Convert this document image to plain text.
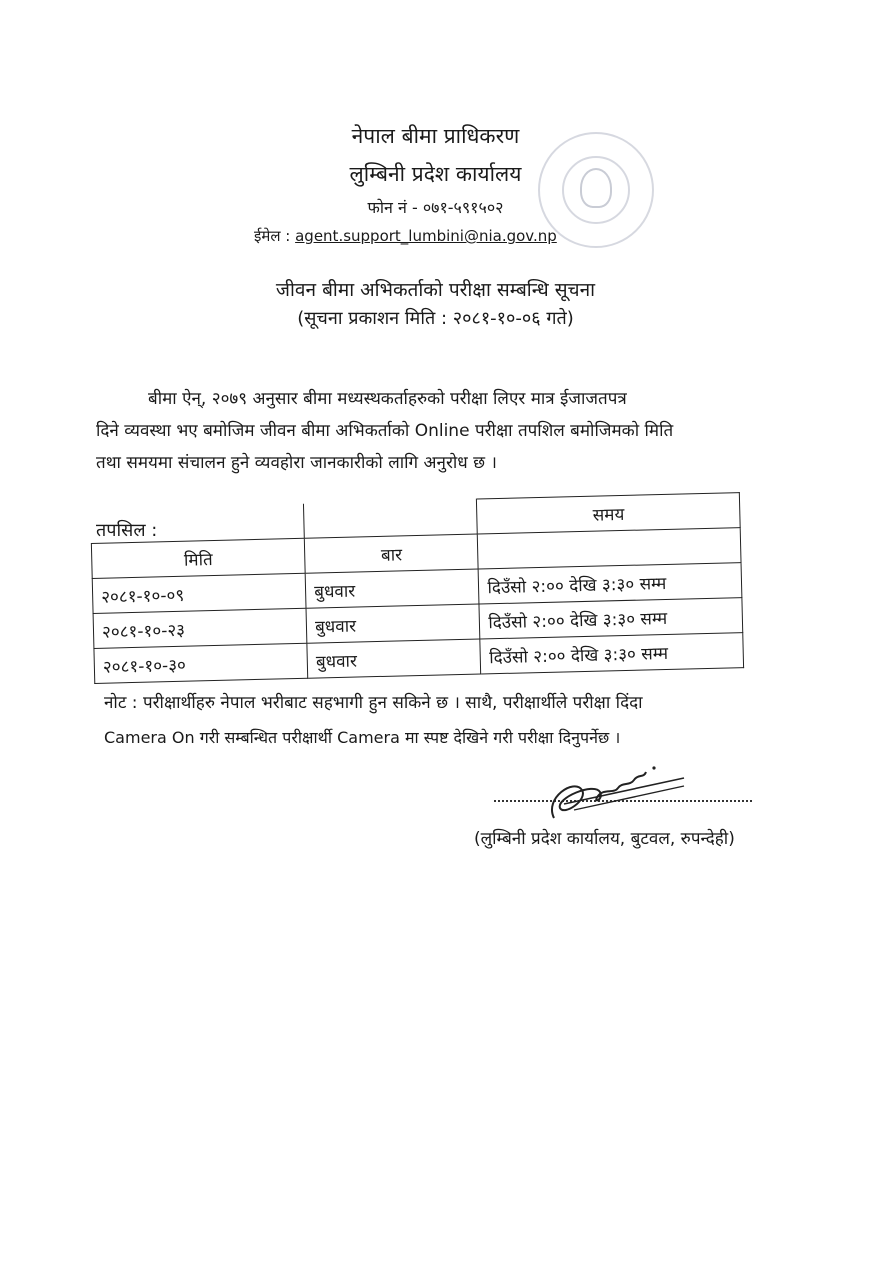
नेपाल बीमा प्राधिकरण
लुम्बिनी प्रदेश कार्यालय
फोन नं - ०७१-५९१५०२
ईमेल : agent.support_lumbini@nia.gov.np
जीवन बीमा अभिकर्ताको परीक्षा सम्बन्धि सूचना
(सूचना प्रकाशन मिति : २०८१-१०-०६ गते)
बीमा ऐन्, २०७९ अनुसार बीमा मध्यस्थकर्ताहरुको परीक्षा लिएर मात्र ईजाजतपत्र
दिने व्यवस्था भए बमोजिम जीवन बीमा अभिकर्ताको Online परीक्षा तपशिल बमोजिमको मिति
तथा समयमा संचालन हुने व्यवहोरा जानकारीको लागि अनुरोध छ ।
तपसिल :
		समय
मिति	बार	
२०८१-१०-०९	बुधवार	दिउँसो २:०० देखि ३:३० सम्म
२०८१-१०-२३	बुधवार	दिउँसो २:०० देखि ३:३० सम्म
२०८१-१०-३०	बुधवार	दिउँसो २:०० देखि ३:३० सम्म
नोट : परीक्षार्थीहरु नेपाल भरीबाट सहभागी हुन सकिने छ । साथै, परीक्षार्थीले परीक्षा दिंदा
Camera On गरी सम्बन्धित परीक्षार्थी Camera मा स्पष्ट देखिने गरी परीक्षा दिनुपर्नेछ ।
(लुम्बिनी प्रदेश कार्यालय, बुटवल, रुपन्देही)
